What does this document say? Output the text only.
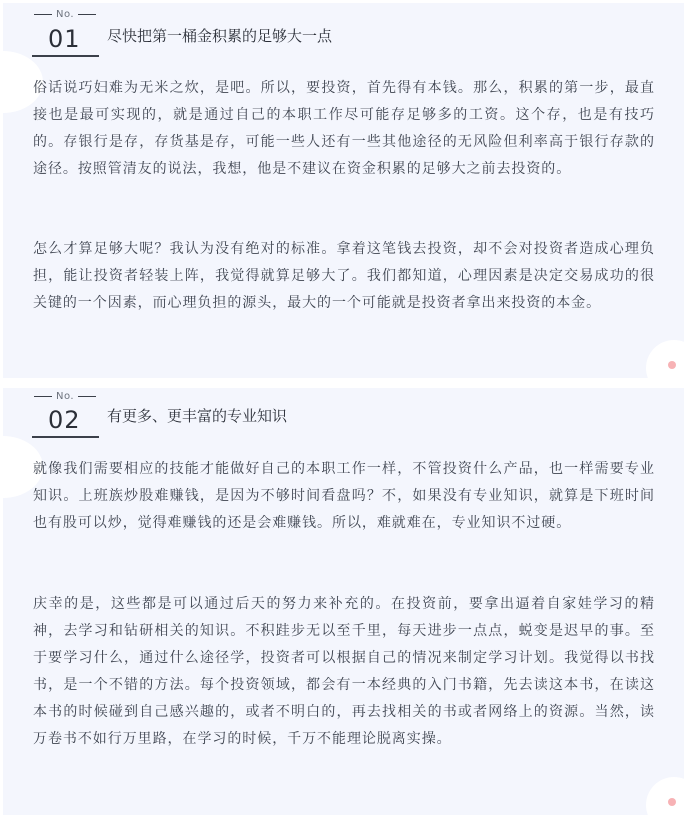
No.
01 尽快把第一桶金积累的足够大一点

俗话说巧妇难为无米之炊，是吧。所以，要投资，首先得有本钱。那么，积累的第一步，最直接也是最可实现的，就是通过自己的本职工作尽可能存足够多的工资。这个存，也是有技巧的。存银行是存，存货基是存，可能一些人还有一些其他途径的无风险但利率高于银行存款的途径。按照管清友的说法，我想，他是不建议在资金积累的足够大之前去投资的。

怎么才算足够大呢？我认为没有绝对的标准。拿着这笔钱去投资，却不会对投资者造成心理负担，能让投资者轻装上阵，我觉得就算足够大了。我们都知道，心理因素是决定交易成功的很关键的一个因素，而心理负担的源头，最大的一个可能就是投资者拿出来投资的本金。

No.
02 有更多、更丰富的专业知识

就像我们需要相应的技能才能做好自己的本职工作一样，不管投资什么产品，也一样需要专业知识。上班族炒股难赚钱，是因为不够时间看盘吗？不，如果没有专业知识，就算是下班时间也有股可以炒，觉得难赚钱的还是会难赚钱。所以，难就难在，专业知识不过硬。

庆幸的是，这些都是可以通过后天的努力来补充的。在投资前，要拿出逼着自家娃学习的精神，去学习和钻研相关的知识。不积跬步无以至千里，每天进步一点点，蜕变是迟早的事。至于要学习什么，通过什么途径学，投资者可以根据自己的情况来制定学习计划。我觉得以书找书，是一个不错的方法。每个投资领域，都会有一本经典的入门书籍，先去读这本书，在读这本书的时候碰到自己感兴趣的，或者不明白的，再去找相关的书或者网络上的资源。当然，读万卷书不如行万里路，在学习的时候，千万不能理论脱离实操。
